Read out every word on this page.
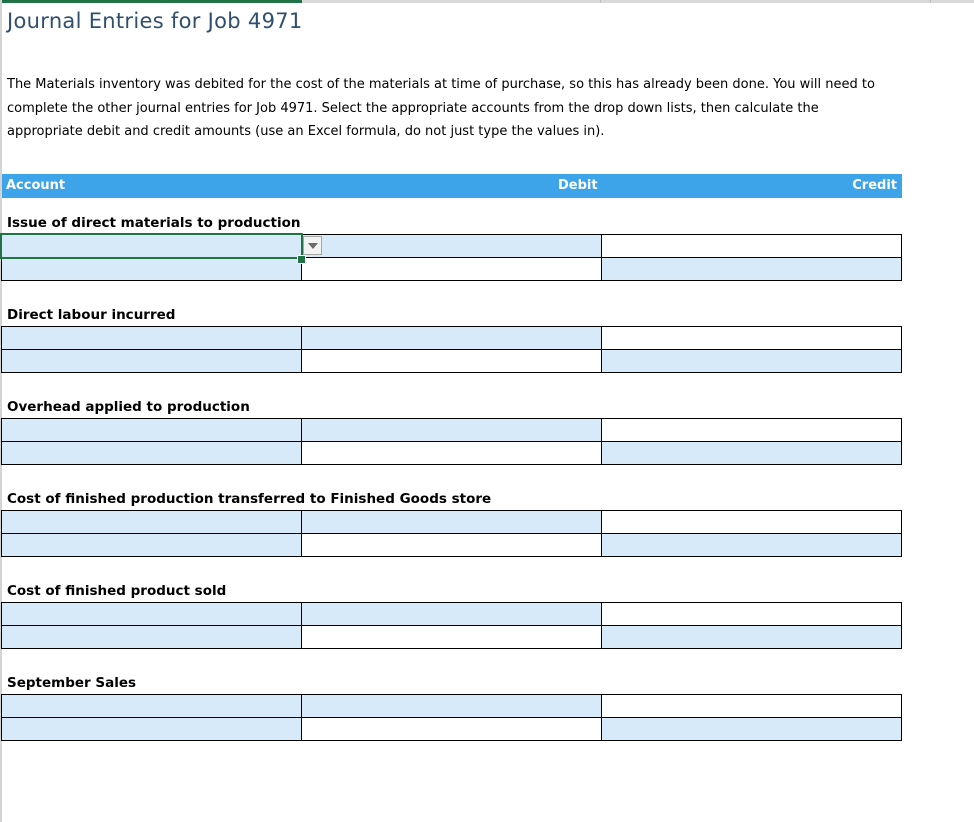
Journal Entries for Job 4971
The Materials inventory was debited for the cost of the materials at time of purchase, so this has already been done. You will need to complete the other journal entries for Job 4971. Select the appropriate accounts from the drop down lists, then calculate the appropriate debit and credit amounts (use an Excel formula, do not just type the values in).
Account	Debit	Credit
Issue of direct materials to production
Direct labour incurred
Overhead applied to production
Cost of finished production transferred to Finished Goods store
Cost of finished product sold
September Sales
